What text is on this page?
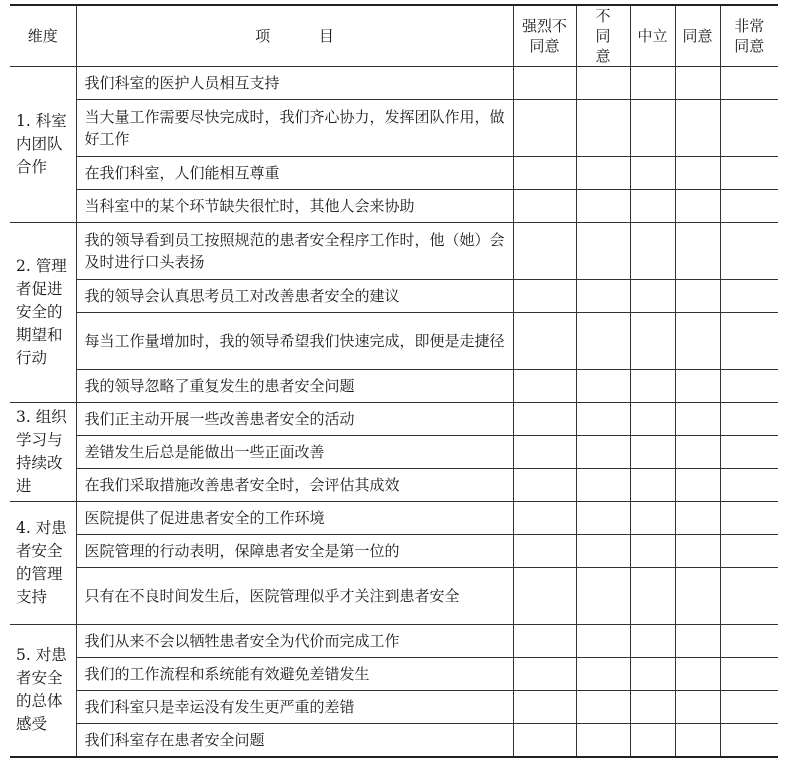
维度	项 目	强烈不同意	不同意	中立	同意	非常同意
1. 科室内团队合作	我们科室的医护人员相互支持					
	当大量工作需要尽快完成时，我们齐心协力，发挥团队作用，做好工作					
	在我们科室，人们能相互尊重					
	当科室中的某个环节缺失很忙时，其他人会来协助					
2. 管理者促进安全的期望和行动	我的领导看到员工按照规范的患者安全程序工作时，他（她）会及时进行口头表扬					
	我的领导会认真思考员工对改善患者安全的建议					
	每当工作量增加时，我的领导希望我们快速完成，即便是走捷径					
	我的领导忽略了重复发生的患者安全问题					
3. 组织学习与持续改进	我们正主动开展一些改善患者安全的活动					
	差错发生后总是能做出一些正面改善					
	在我们采取措施改善患者安全时，会评估其成效					
4. 对患者安全的管理支持	医院提供了促进患者安全的工作环境					
	医院管理的行动表明，保障患者安全是第一位的					
	只有在不良时间发生后，医院管理似乎才关注到患者安全					
5. 对患者安全的总体感受	我们从来不会以牺牲患者安全为代价而完成工作					
	我们的工作流程和系统能有效避免差错发生					
	我们科室只是幸运没有发生更严重的差错					
	我们科室存在患者安全问题					
